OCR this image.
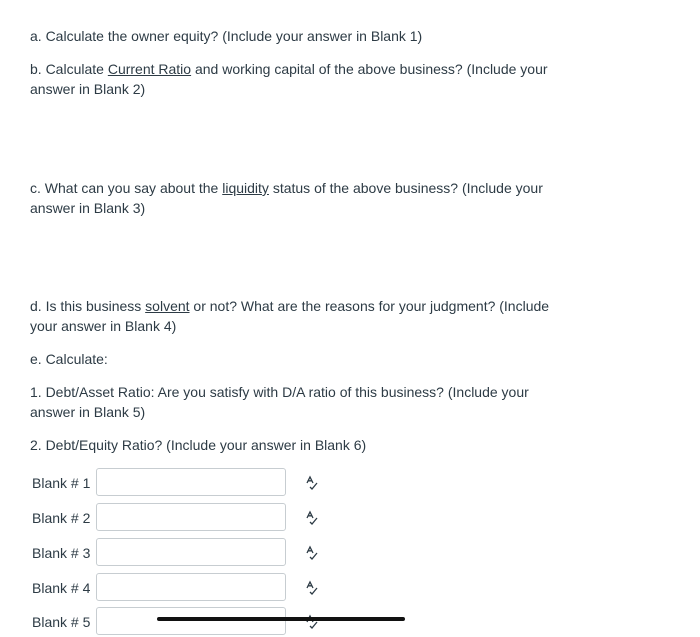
a. Calculate the owner equity? (Include your answer in Blank 1)

b. Calculate Current Ratio and working capital of the above business? (Include your answer in Blank 2)

c. What can you say about the liquidity status of the above business? (Include your answer in Blank 3)

d. Is this business solvent or not? What are the reasons for your judgment? (Include your answer in Blank 4)

e. Calculate:

1. Debt/Asset Ratio: Are you satisfy with D/A ratio of this business? (Include your answer in Blank 5)

2. Debt/Equity Ratio? (Include your answer in Blank 6)

Blank # 1
Blank # 2
Blank # 3
Blank # 4
Blank # 5
